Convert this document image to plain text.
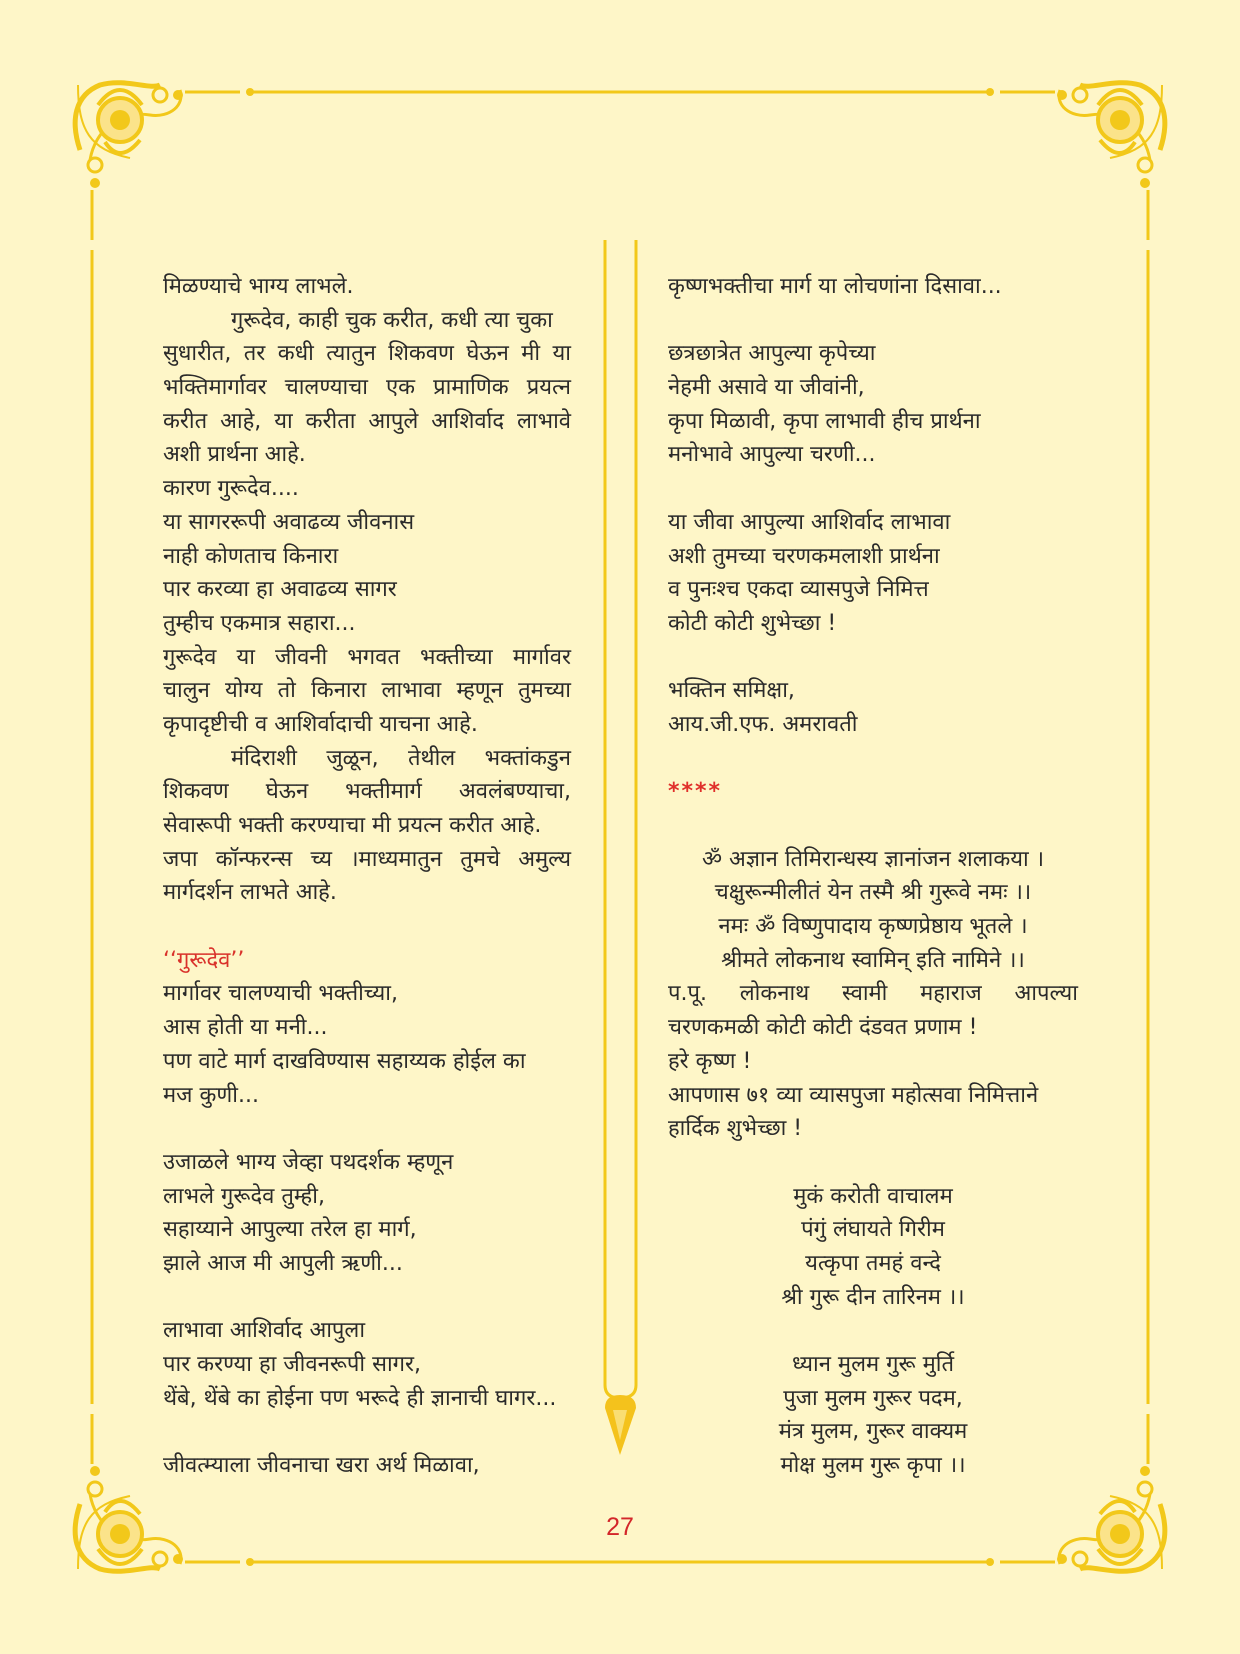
मिळण्याचे भाग्य लाभले.
गुरूदेव, काही चुक करीत, कधी त्या चुका
सुधारीत, तर कधी त्यातुन शिकवण घेऊन मी या
भक्तिमार्गावर चालण्याचा एक प्रामाणिक प्रयत्न
करीत आहे, या करीता आपुले आशिर्वाद लाभावे
अशी प्रार्थना आहे.
कारण गुरूदेव....
या सागररूपी अवाढव्य जीवनास
नाही कोणताच किनारा
पार करव्या हा अवाढव्य सागर
तुम्हीच एकमात्र सहारा...
गुरूदेव या जीवनी भगवत भक्तीच्या मार्गावर
चालुन योग्य तो किनारा लाभावा म्हणून तुमच्या
कृपादृष्टीची व आशिर्वादाची याचना आहे.
मंदिराशी जुळून, तेथील भक्तांकडुन
शिकवण घेऊन भक्तीमार्ग अवलंबण्याचा,
सेवारूपी भक्ती करण्याचा मी प्रयत्न करीत आहे.
जपा कॉन्फरन्स च्य ।माध्यमातुन तुमचे अमुल्य
मार्गदर्शन लाभते आहे.
‘‘गुरूदेव’’
मार्गावर चालण्याची भक्तीच्या,
आस होती या मनी...
पण वाटे मार्ग दाखविण्यास सहाय्यक होईल का
मज कुणी...
उजाळले भाग्य जेव्हा पथदर्शक म्हणून
लाभले गुरूदेव तुम्ही,
सहाय्याने आपुल्या तरेल हा मार्ग,
झाले आज मी आपुली ऋणी...
लाभावा आशिर्वाद आपुला
पार करण्या हा जीवनरूपी सागर,
थेंबे, थेंबे का होईना पण भरूदे ही ज्ञानाची घागर...
जीवत्म्याला जीवनाचा खरा अर्थ मिळावा,
कृष्णभक्तीचा मार्ग या लोचणांना दिसावा...
छत्रछात्रेत आपुल्या कृपेच्या
नेहमी असावे या जीवांनी,
कृपा मिळावी, कृपा लाभावी हीच प्रार्थना
मनोभावे आपुल्या चरणी...
या जीवा आपुल्या आशिर्वाद लाभावा
अशी तुमच्या चरणकमलाशी प्रार्थना
व पुनःश्च एकदा व्यासपुजे निमित्त
कोटी कोटी शुभेच्छा !
भक्तिन समिक्षा,
आय.जी.एफ. अमरावती
****
ॐ अज्ञान तिमिरान्धस्य ज्ञानांजन शलाकया ।
चक्षुरून्मीलीतं येन तस्मै श्री गुरूवे नमः ।।
नमः ॐ विष्णुपादाय कृष्णप्रेष्ठाय भूतले ।
श्रीमते लोकनाथ स्वामिन् इति नामिने ।।
प.पू. लोकनाथ स्वामी महाराज आपल्या
चरणकमळी कोटी कोटी दंडवत प्रणाम !
हरे कृष्ण !
आपणास ७१ व्या व्यासपुजा महोत्सवा निमित्ताने
हार्दिक शुभेच्छा !
मुकं करोती वाचालम
पंगुं लंघायते गिरीम
यत्कृपा तमहं वन्दे
श्री गुरू दीन तारिनम ।।
ध्यान मुलम गुरू मुर्ति
पुजा मुलम गुरूर पदम,
मंत्र मुलम, गुरूर वाक्यम
मोक्ष मुलम गुरू कृपा ।।
27
